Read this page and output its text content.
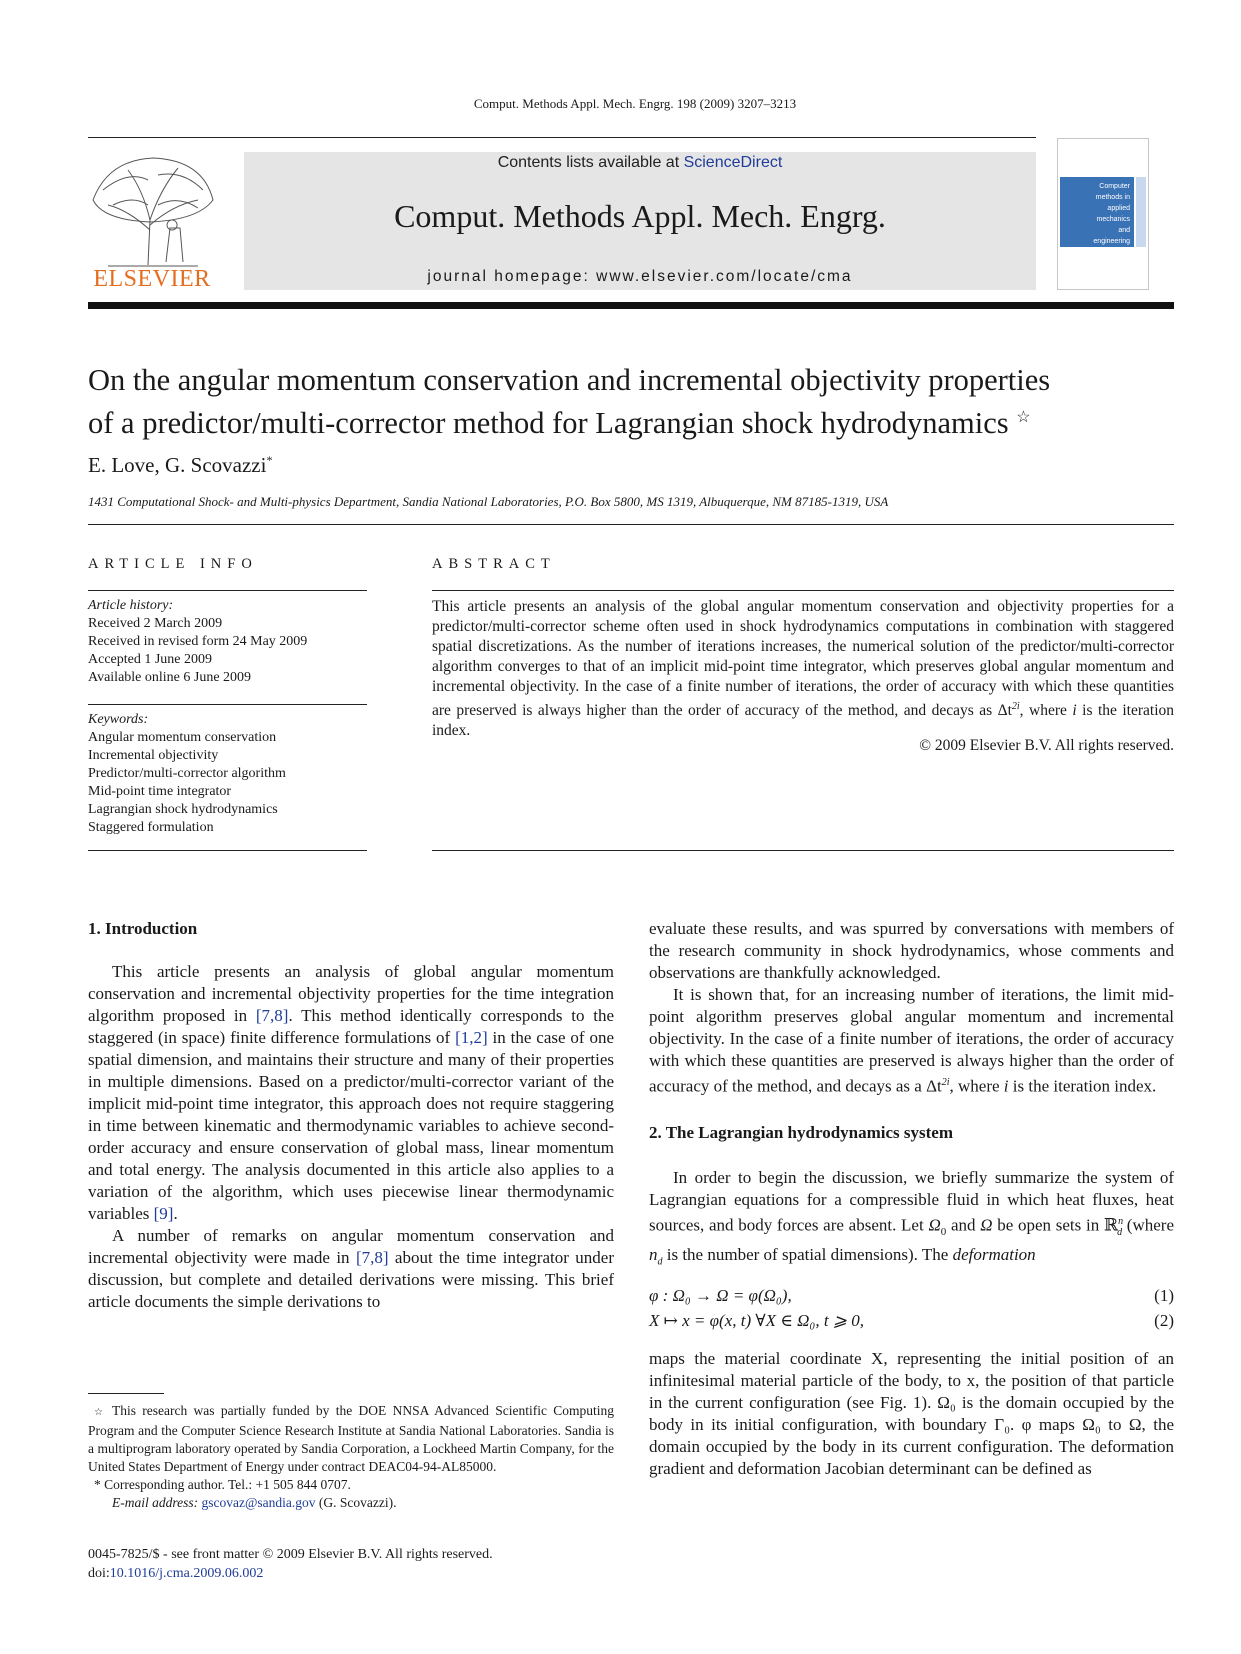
Comput. Methods Appl. Mech. Engrg. 198 (2009) 3207–3213
ELSEVIER
Contents lists available at ScienceDirect
Comput. Methods Appl. Mech. Engrg.
journal homepage: www.elsevier.com/locate/cma
Computer
methods in
applied
mechanics
and
engineering
On the angular momentum conservation and incremental objectivity properties
of a predictor/multi-corrector method for Lagrangian shock hydrodynamics ☆
E. Love, G. Scovazzi*
1431 Computational Shock- and Multi-physics Department, Sandia National Laboratories, P.O. Box 5800, MS 1319, Albuquerque, NM 87185-1319, USA
ARTICLE INFO
Article history:
Received 2 March 2009
Received in revised form 24 May 2009
Accepted 1 June 2009
Available online 6 June 2009
Keywords:
Angular momentum conservation
Incremental objectivity
Predictor/multi-corrector algorithm
Mid-point time integrator
Lagrangian shock hydrodynamics
Staggered formulation
ABSTRACT
This article presents an analysis of the global angular momentum conservation and objectivity properties for a predictor/multi-corrector scheme often used in shock hydrodynamics computations in combination with staggered spatial discretizations. As the number of iterations increases, the numerical solution of the predictor/multi-corrector algorithm converges to that of an implicit mid-point time integrator, which preserves global angular momentum and incremental objectivity. In the case of a finite number of iterations, the order of accuracy with which these quantities are preserved is always higher than the order of accuracy of the method, and decays as $\Delta t^{2i}$, where i is the iteration index.
© 2009 Elsevier B.V. All rights reserved.
1. Introduction

This article presents an analysis of global angular momentum conservation and incremental objectivity properties for the time integration algorithm proposed in [7,8]. This method identically corresponds to the staggered (in space) finite difference formulations of [1,2] in the case of one spatial dimension, and maintains their structure and many of their properties in multiple dimensions. Based on a predictor/multi-corrector variant of the implicit mid-point time integrator, this approach does not require staggering in time between kinematic and thermodynamic variables to achieve second-order accuracy and ensure conservation of global mass, linear momentum and total energy. The analysis documented in this article also applies to a variation of the algorithm, which uses piecewise linear thermodynamic variables [9].

A number of remarks on angular momentum conservation and incremental objectivity were made in [7,8] about the time integrator under discussion, but complete and detailed derivations were missing. This brief article documents the simple derivations to

☆ This research was partially funded by the DOE NNSA Advanced Scientific Computing Program and the Computer Science Research Institute at Sandia National Laboratories. Sandia is a multiprogram laboratory operated by Sandia Corporation, a Lockheed Martin Company, for the United States Department of Energy under contract DEAC04-94-AL85000.
* Corresponding author. Tel.: +1 505 844 0707.
E-mail address: gscovaz@sandia.gov (G. Scovazzi).
0045-7825/$ - see front matter © 2009 Elsevier B.V. All rights reserved.
doi:10.1016/j.cma.2009.06.002

evaluate these results, and was spurred by conversations with members of the research community in shock hydrodynamics, whose comments and observations are thankfully acknowledged.

It is shown that, for an increasing number of iterations, the limit mid-point algorithm preserves global angular momentum and incremental objectivity. In the case of a finite number of iterations, the order of accuracy with which these quantities are preserved is always higher than the order of accuracy of the method, and decays as a $\Delta t^{2i}$, where i is the iteration index.

2. The Lagrangian hydrodynamics system

In order to begin the discussion, we briefly summarize the system of Lagrangian equations for a compressible fluid in which heat fluxes, heat sources, and body forces are absent. Let $\Omega_0$ and Ω be open sets in ℝ$^n_d$ (where $n_d$ is the number of spatial dimensions). The deformation

φ : Ω₀ → Ω = φ(Ω₀),	(1)
X ↦ x = φ(x, t) ∀X ∈ Ω₀, t ⩾ 0,	(2)

maps the material coordinate X, representing the initial position of an infinitesimal material particle of the body, to x, the position of that particle in the current configuration (see Fig. 1). Ω₀ is the domain occupied by the body in its initial configuration, with boundary Γ₀. φ maps Ω₀ to Ω, the domain occupied by the body in its current configuration. The deformation gradient and deformation Jacobian determinant can be defined as
